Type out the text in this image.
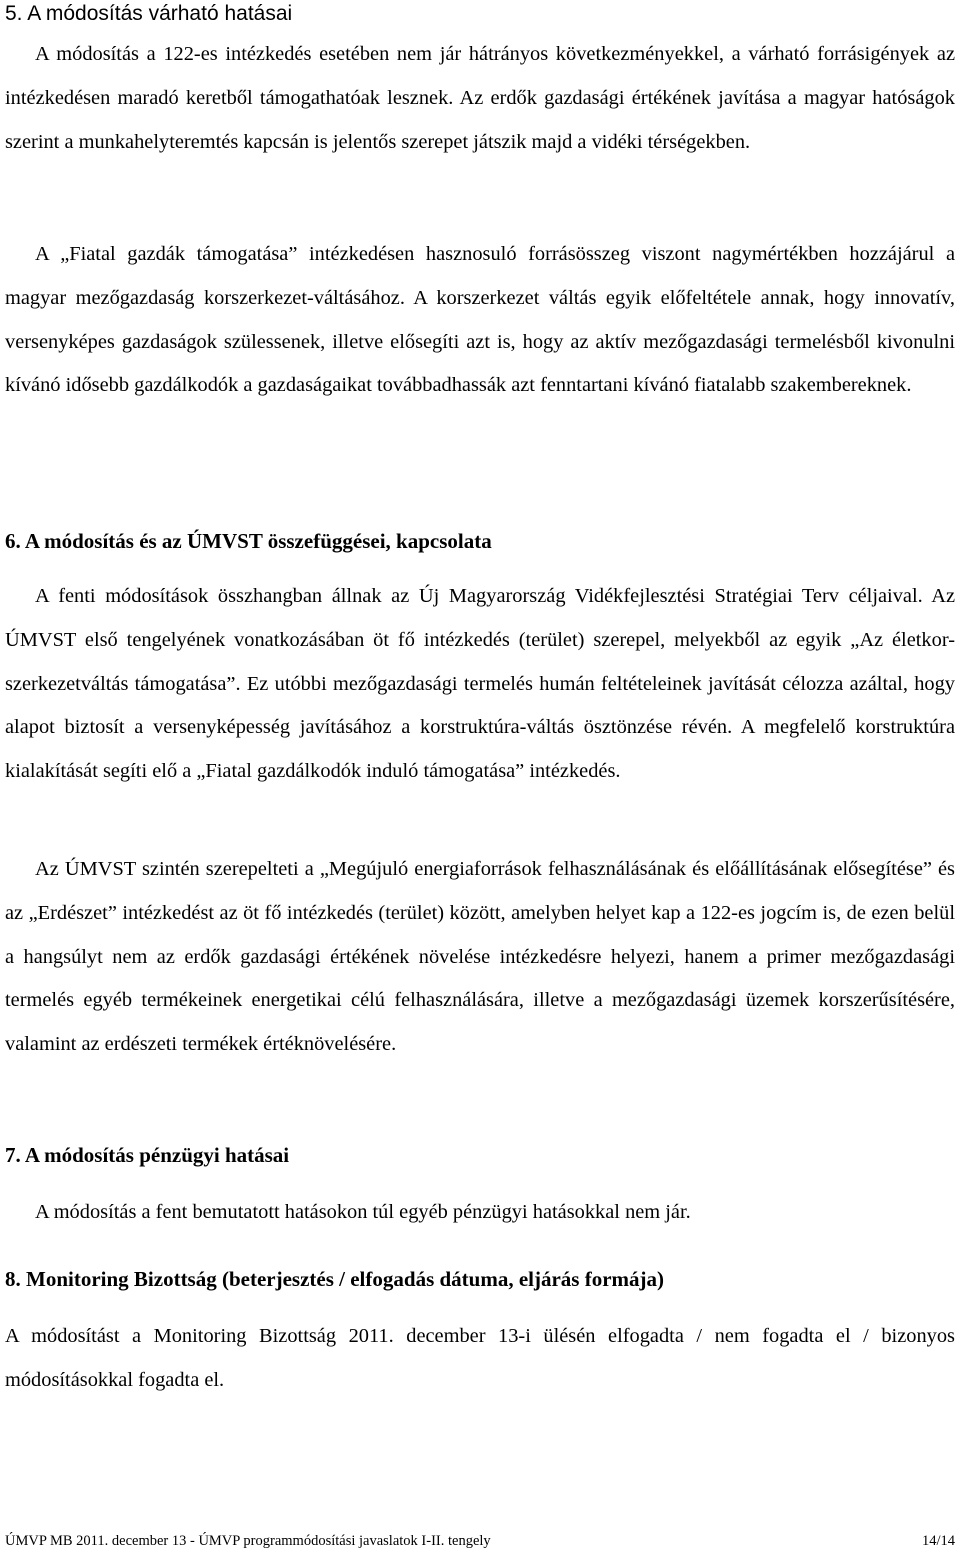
5. A módosítás várható hatásai

A módosítás a 122-es intézkedés esetében nem jár hátrányos következményekkel, a várható forrásigények az intézkedésen maradó keretből támogathatóak lesznek. Az erdők gazdasági értékének javítása a magyar hatóságok szerint a munkahelyteremtés kapcsán is jelentős szerepet játszik majd a vidéki térségekben.

A „Fiatal gazdák támogatása” intézkedésen hasznosuló forrásösszeg viszont nagymértékben hozzájárul a magyar mezőgazdaság korszerkezet-váltásához. A korszerkezet váltás egyik előfeltétele annak, hogy innovatív, versenyképes gazdaságok szülessenek, illetve elősegíti azt is, hogy az aktív mezőgazdasági termelésből kivonulni kívánó idősebb gazdálkodók a gazdaságaikat továbbadhassák azt fenntartani kívánó fiatalabb szakembereknek.

6. A módosítás és az ÚMVST összefüggései, kapcsolata

A fenti módosítások összhangban állnak az Új Magyarország Vidékfejlesztési Stratégiai Terv céljaival. Az ÚMVST első tengelyének vonatkozásában öt fő intézkedés (terület) szerepel, melyekből az egyik „Az életkor-szerkezetváltás támogatása”. Ez utóbbi mezőgazdasági termelés humán feltételeinek javítását célozza azáltal, hogy alapot biztosít a versenyképesség javításához a korstruktúra-váltás ösztönzése révén. A megfelelő korstruktúra kialakítását segíti elő a „Fiatal gazdálkodók induló támogatása” intézkedés.

Az ÚMVST szintén szerepelteti a „Megújuló energiaforrások felhasználásának és előállításának elősegítése” és az „Erdészet” intézkedést az öt fő intézkedés (terület) között, amelyben helyet kap a 122-es jogcím is, de ezen belül a hangsúlyt nem az erdők gazdasági értékének növelése intézkedésre helyezi, hanem a primer mezőgazdasági termelés egyéb termékeinek energetikai célú felhasználására, illetve a mezőgazdasági üzemek korszerűsítésére, valamint az erdészeti termékek értéknövelésére.

7. A módosítás pénzügyi hatásai

A módosítás a fent bemutatott hatásokon túl egyéb pénzügyi hatásokkal nem jár.

8. Monitoring Bizottság (beterjesztés / elfogadás dátuma, eljárás formája)

A módosítást a Monitoring Bizottság 2011. december 13-i ülésén elfogadta / nem fogadta el / bizonyos módosításokkal fogadta el.

ÚMVP MB 2011. december 13 - ÚMVP programmódosítási javaslatok I-II. tengely	14/14
